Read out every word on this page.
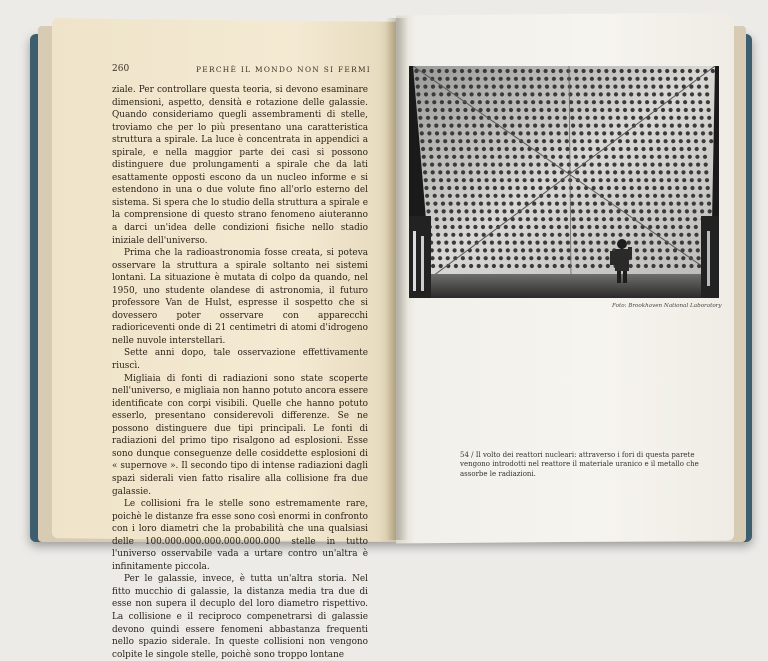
260	PERCHÈ IL MONDO NON SI FERMI

ziale. Per controllare questa teoria, si devono esaminare dimensioni, aspetto, densità e rotazione delle galassie. Quando consideriamo quegli assembramenti di stelle, troviamo che per lo più presentano una caratteristica struttura a spirale. La luce è concentrata in appendici a spirale, e nella maggior parte dei casi si possono distinguere due prolungamenti a spirale che da lati esattamente opposti escono da un nucleo informe e si estendono in una o due volute fino all'orlo esterno del sistema. Si spera che lo studio della struttura a spirale e la comprensione di questo strano fenomeno aiuteranno a darci un'idea delle condizioni fisiche nello stadio iniziale dell'universo.

Prima che la radioastronomia fosse creata, si poteva osservare la struttura a spirale soltanto nei sistemi lontani. La situazione è mutata di colpo da quando, nel 1950, uno studente olandese di astronomia, il futuro professore Van de Hulst, espresse il sospetto che si dovessero poter osservare con apparecchi radioriceventi onde di 21 centimetri di atomi d'idrogeno nelle nuvole interstellari.

Sette anni dopo, tale osservazione effettivamente riuscì.

Migliaia di fonti di radiazioni sono state scoperte nell'universo, e migliaia non hanno potuto ancora essere identificate con corpi visibili. Quelle che hanno potuto esserlo, presentano considerevoli differenze. Se ne possono distinguere due tipi principali. Le fonti di radiazioni del primo tipo risalgono ad esplosioni. Esse sono dunque conseguenze delle cosiddette esplosioni di « supernove ». Il secondo tipo di intense radiazioni dagli spazi siderali vien fatto risalire alla collisione fra due galassie.

Le collisioni fra le stelle sono estremamente rare, poichè le distanze fra esse sono così enormi in confronto con i loro diametri che la probabilità che una qualsiasi delle 100.000.000.000.000.000.000 stelle in tutto l'universo osservabile vada a urtare contro un'altra è infinitamente piccola.

Per le galassie, invece, è tutta un'altra storia. Nel fitto mucchio di galassie, la distanza media tra due di esse non supera il decuplo del loro diametro rispettivo. La collisione e il reciproco compenetrarsi di galassie devono quindi essere fenomeni abbastanza frequenti nello spazio siderale. In queste collisioni non vengono colpite le singole stelle, poichè sono troppo lontane

Foto: Brookhaven National Laboratory
54 / Il volto dei reattori nucleari: attraverso i fori di questa parete vengono introdotti nel reattore il materiale uranico e il metallo che assorbe le radiazioni.
